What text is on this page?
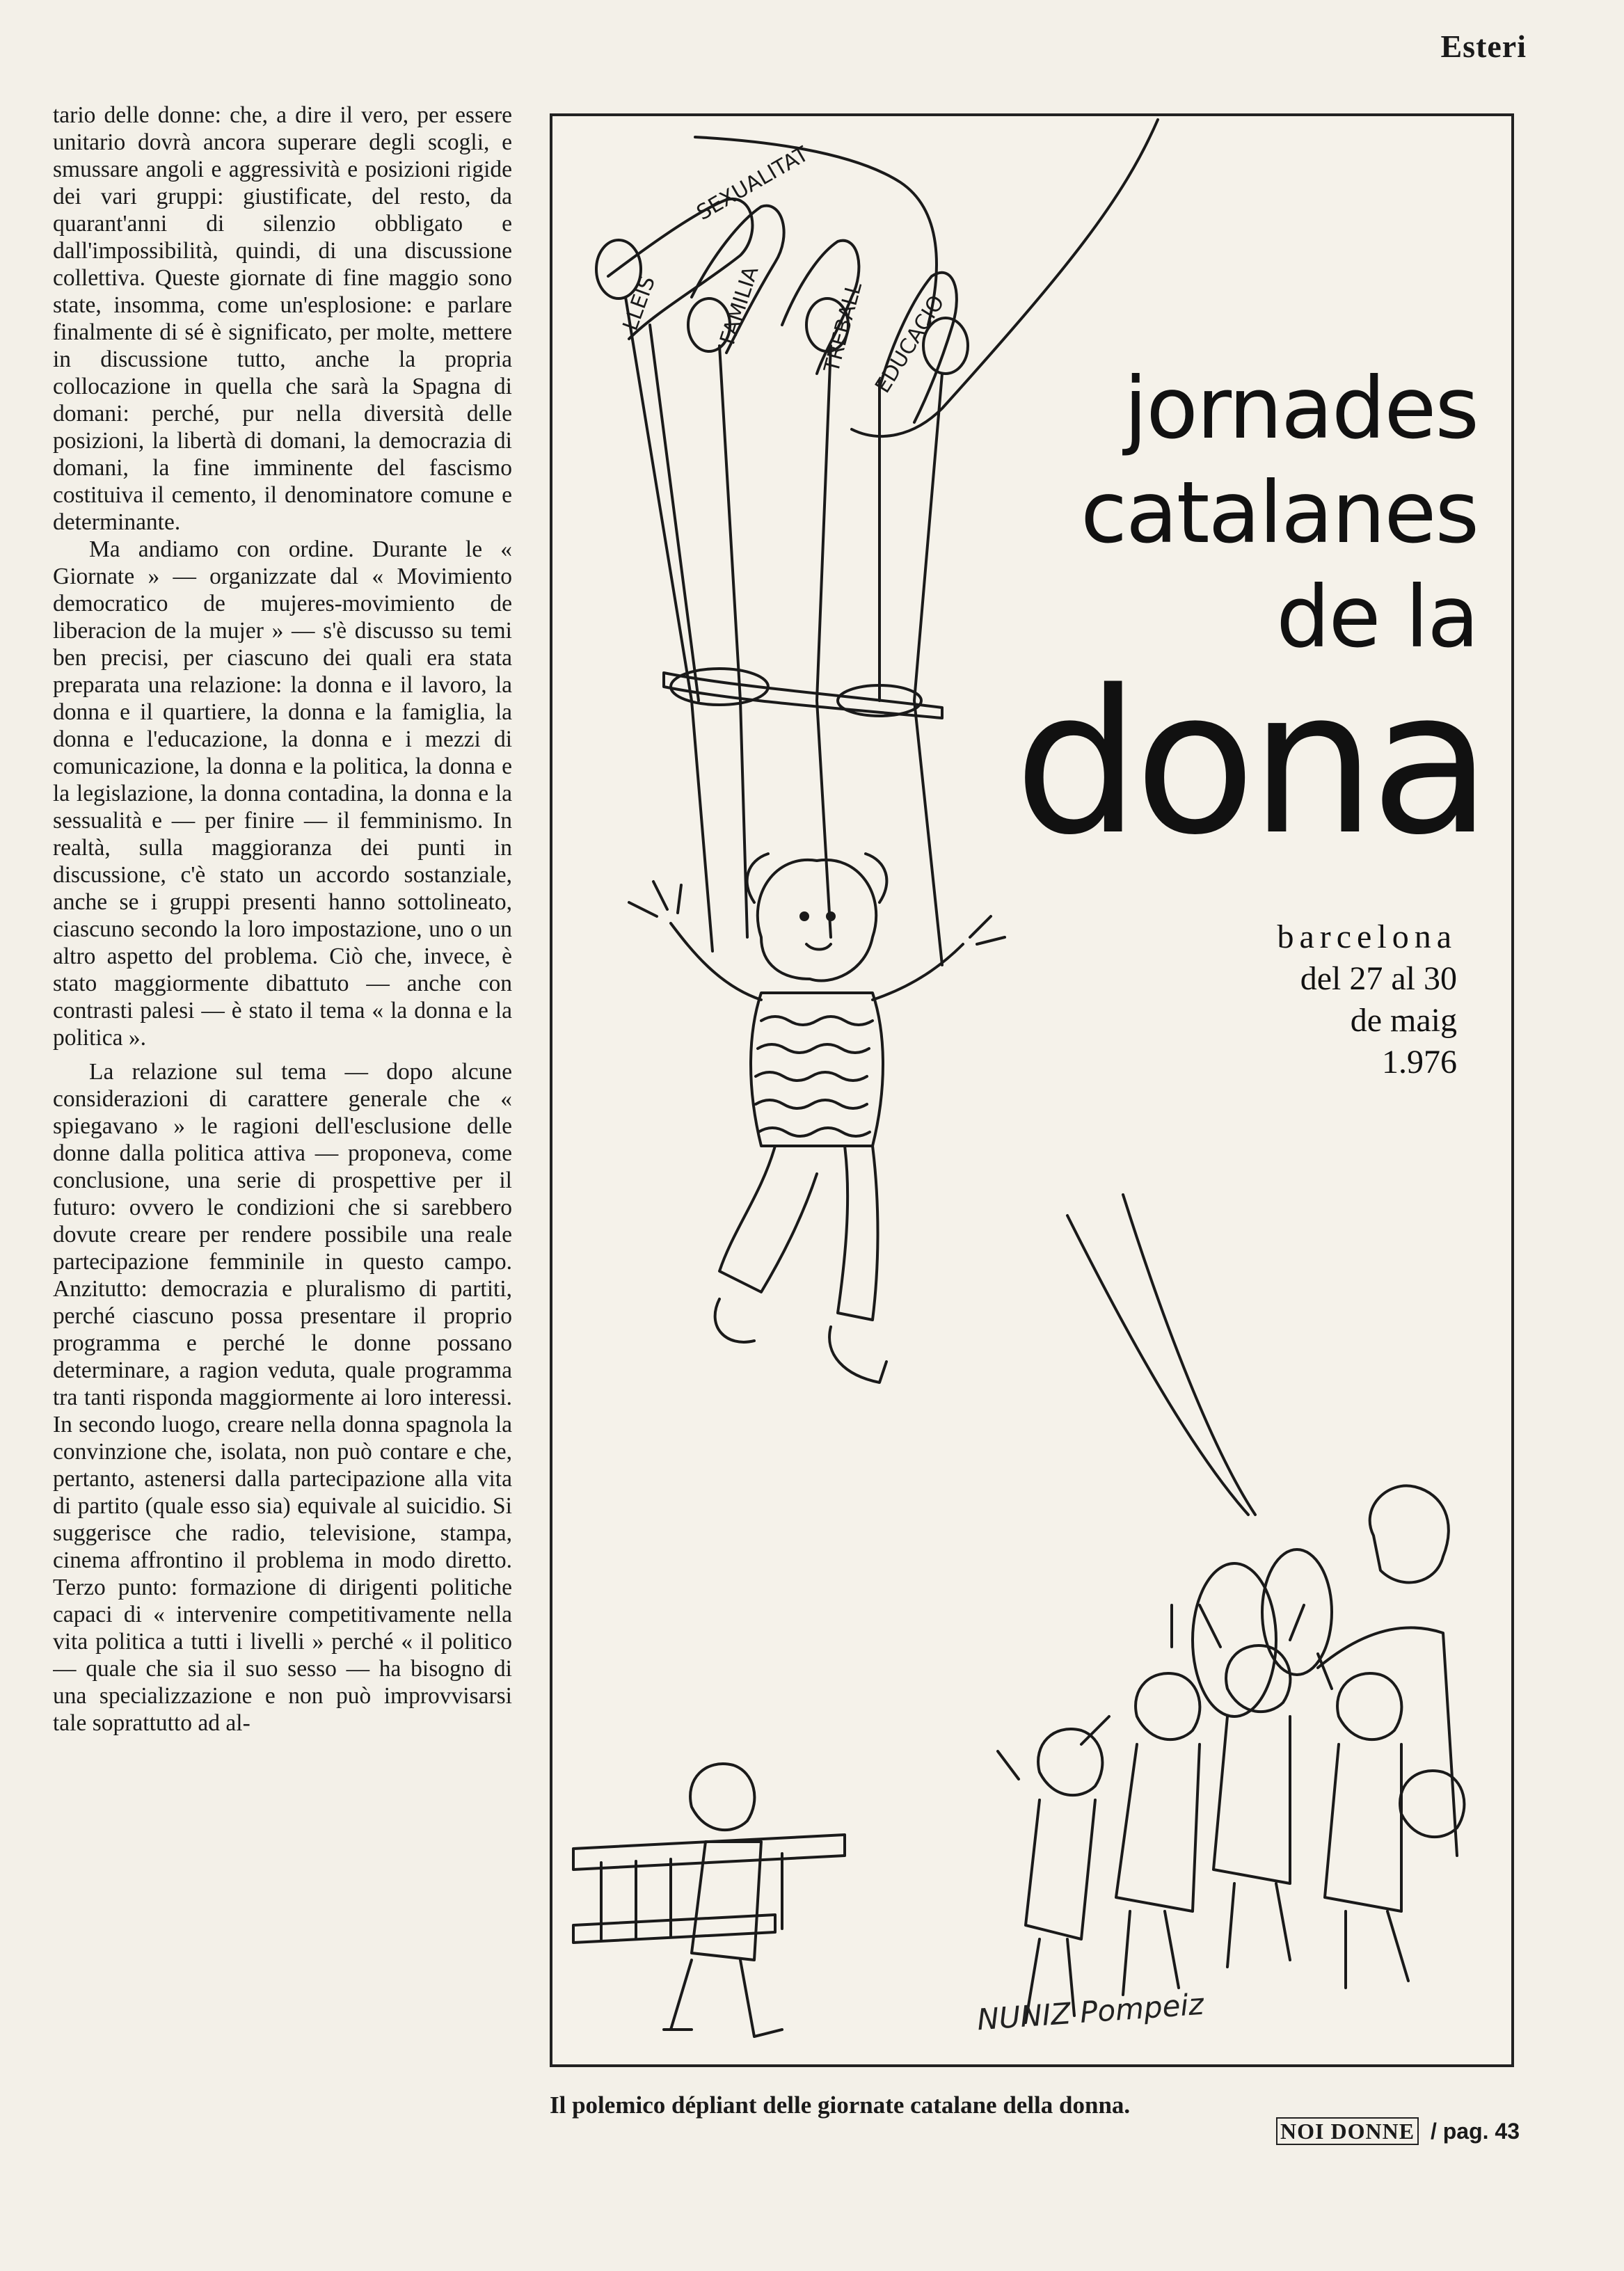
Esteri

tario delle donne: che, a dire il vero, per essere unitario dovrà ancora superare degli scogli, e smussare angoli e aggressività e posizioni rigide dei vari gruppi: giustificate, del resto, da quarant'anni di silenzio obbligato e dall'impossibilità, quindi, di una discussione collettiva. Queste giornate di fine maggio sono state, insomma, come un'esplosione: e parlare finalmente di sé è significato, per molte, mettere in discussione tutto, anche la propria collocazione in quella che sarà la Spagna di domani: perché, pur nella diversità delle posizioni, la libertà di domani, la democrazia di domani, la fine imminente del fascismo costituiva il cemento, il denominatore comune e determinante.

Ma andiamo con ordine. Durante le « Giornate » — organizzate dal « Movimiento democratico de mujeres-movimiento de liberacion de la mujer » — s'è discusso su temi ben precisi, per ciascuno dei quali era stata preparata una relazione: la donna e il lavoro, la donna e il quartiere, la donna e la famiglia, la donna e l'educazione, la donna e i mezzi di comunicazione, la donna e la politica, la donna e la legislazione, la donna contadina, la donna e la sessualità e — per finire — il femminismo. In realtà, sulla maggioranza dei punti in discussione, c'è stato un accordo sostanziale, anche se i gruppi presenti hanno sottolineato, ciascuno secondo la loro impostazione, uno o un altro aspetto del problema. Ciò che, invece, è stato maggiormente dibattuto — anche con contrasti palesi — è stato il tema « la donna e la politica ».

La relazione sul tema — dopo alcune considerazioni di carattere generale che « spiegavano » le ragioni dell'esclusione delle donne dalla politica attiva — proponeva, come conclusione, una serie di prospettive per il futuro: ovvero le condizioni che si sarebbero dovute creare per rendere possibile una reale partecipazione femminile in questo campo. Anzitutto: democrazia e pluralismo di partiti, perché ciascuno possa presentare il proprio programma e perché le donne possano determinare, a ragion veduta, quale programma tra tanti risponda maggiormente ai loro interessi. In secondo luogo, creare nella donna spagnola la convinzione che, isolata, non può contare e che, pertanto, astenersi dalla partecipazione alla vita di partito (quale esso sia) equivale al suicidio. Si suggerisce che radio, televisione, stampa, cinema affrontino il problema in modo diretto. Terzo punto: formazione di dirigenti politiche capaci di « intervenire competitivamente nella vita politica a tutti i livelli » perché « il politico — quale che sia il suo sesso — ha bisogno di una specializzazione e non può improvvisarsi tale soprattutto ad al-

SEXUALITAT
LLEIS	FAMILIA	TREBALL EDUCACIO
jornades
catalanes
de la
dona
barcelona
del 27 al 30
de maig
1.976
NUNIZ Pompeiz
Il polemico dépliant delle giornate catalane della donna.
NOI DONNE / pag. 43
